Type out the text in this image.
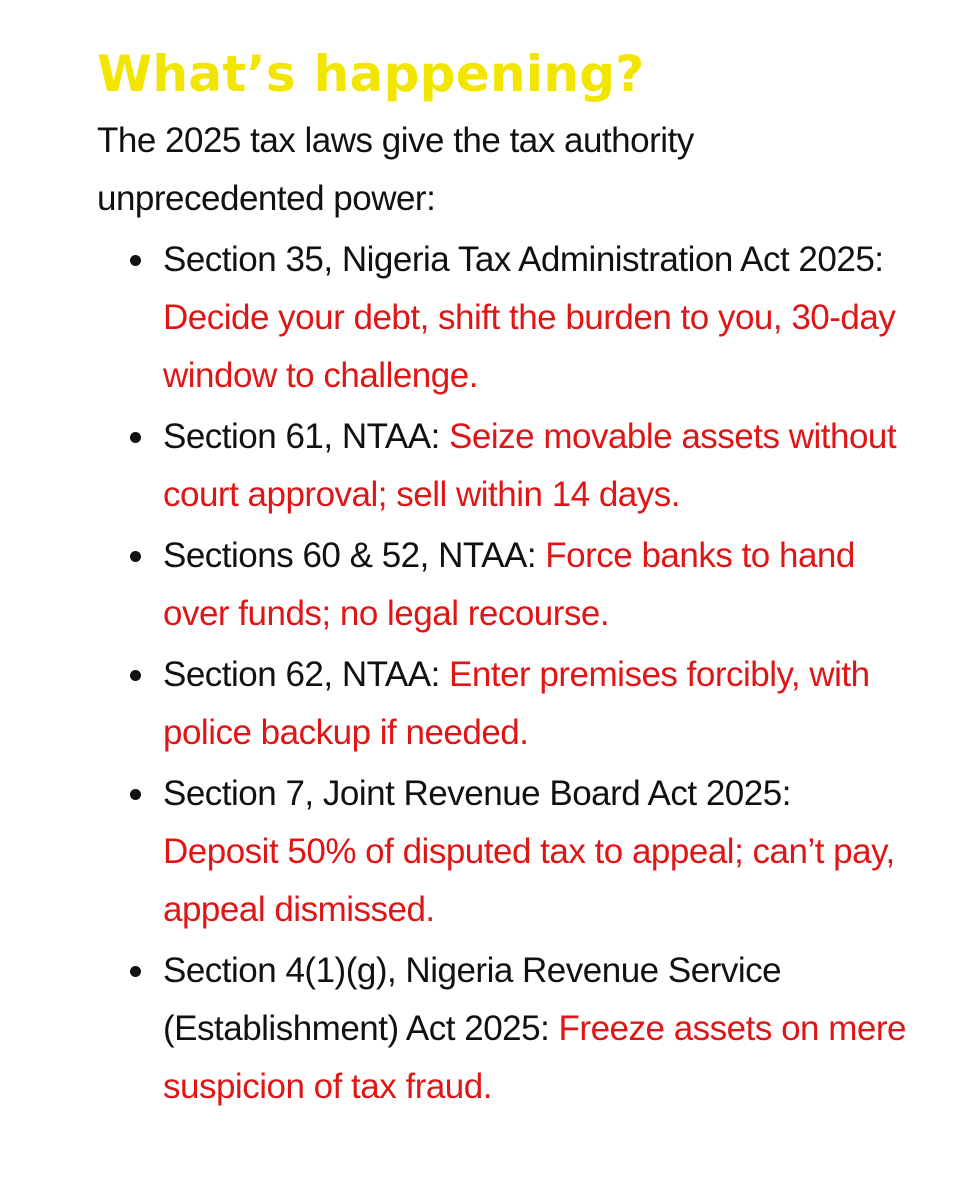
What’s happening?

The 2025 tax laws give the tax authority unprecedented power:

Section 35, Nigeria Tax Administration Act 2025: Decide your debt, shift the burden to you, 30-day window to challenge.
Section 61, NTAA: Seize movable assets without court approval; sell within 14 days.
Sections 60 & 52, NTAA: Force banks to hand over funds; no legal recourse.
Section 62, NTAA: Enter premises forcibly, with police backup if needed.
Section 7, Joint Revenue Board Act 2025: Deposit 50% of disputed tax to appeal; can’t pay, appeal dismissed.
Section 4(1)(g), Nigeria Revenue Service (Establishment) Act 2025: Freeze assets on mere suspicion of tax fraud.
